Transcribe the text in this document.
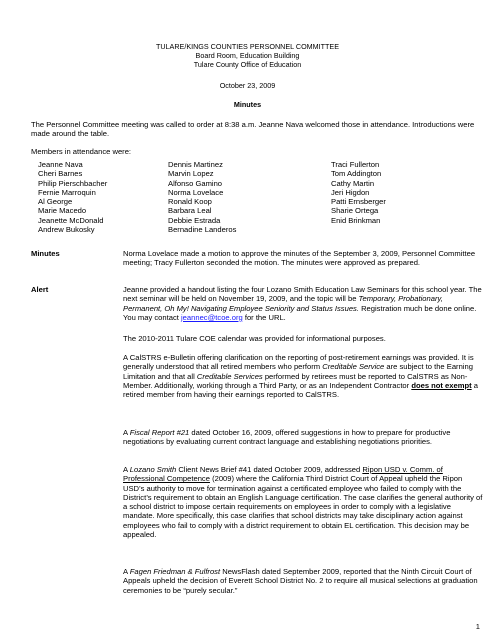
TULARE/KINGS COUNTIES PERSONNEL COMMITTEE
Board Room, Education Building
Tulare County Office of Education
October 23, 2009
Minutes
The Personnel Committee meeting was called to order at 8:38 a.m. Jeanne Nava welcomed those in attendance. Introductions were made around the table.
Members in attendance were:
Jeanne Nava
Cheri Barnes
Philip Pierschbacher
Fernie Marroquin
Al George
Marie Macedo
Jeanette McDonald
Andrew Bukosky
Dennis Martinez
Marvin Lopez
Alfonso Gamino
Norma Lovelace
Ronald Koop
Barbara Leal
Debbie Estrada
Bernadine Landeros
Traci Fullerton
Tom Addington
Cathy Martin
Jeri Higdon
Patti Ernsberger
Sharie Ortega
Enid Brinkman
Minutes	Norma Lovelace made a motion to approve the minutes of the September 3, 2009, Personnel Committee meeting; Tracy Fullerton seconded the motion. The minutes were approved as prepared.
Alert	Jeanne provided a handout listing the four Lozano Smith Education Law Seminars for this school year. The next seminar will be held on November 19, 2009, and the topic will be Temporary, Probationary, Permanent, Oh My! Navigating Employee Seniority and Status Issues. Registration much be done online. You may contact jeannec@tcoe.org for the URL.
The 2010-2011 Tulare COE calendar was provided for informational purposes.
A CalSTRS e-Bulletin offering clarification on the reporting of post-retirement earnings was provided. It is generally understood that all retired members who perform Creditable Service are subject to the Earning Limitation and that all Creditable Services performed by retirees must be reported to CalSTRS as Non-Member. Additionally, working through a Third Party, or as an Independent Contractor does not exempt a retired member from having their earnings reported to CalSTRS.
A Fiscal Report #21 dated October 16, 2009, offered suggestions in how to prepare for productive negotiations by evaluating current contract language and establishing negotiations priorities.
A Lozano Smith Client News Brief #41 dated October 2009, addressed Ripon USD v. Comm. of Professional Competence (2009) where the California Third District Court of Appeal upheld the Ripon USD’s authority to move for termination against a certificated employee who failed to comply with the District’s requirement to obtain an English Language certification. The case clarifies the general authority of a school district to impose certain requirements on employees in order to comply with a legislative mandate. More specifically, this case clarifies that school districts may take disciplinary action against employees who fail to comply with a district requirement to obtain EL certification. This decision may be appealed.
A Fagen Friedman & Fulfrost NewsFlash dated September 2009, reported that the Ninth Circuit Court of Appeals upheld the decision of Everett School District No. 2 to require all musical selections at graduation ceremonies to be “purely secular.”
1
